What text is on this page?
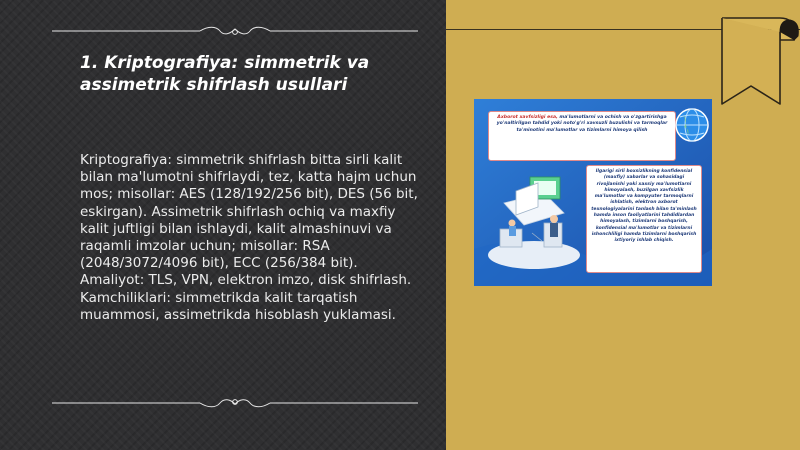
1. Kriptografiya: simmetrik va assimetrik shifrlash usullari
Kriptografiya: simmetrik shifrlash bitta sirli kalit bilan ma'lumotni shifrlaydi, tez, katta hajm uchun mos; misollar: AES (128/192/256 bit), DES (56 bit, eskirgan). Assimetrik shifrlash ochiq va maxfiy kalit juftligi bilan ishlaydi, kalit almashinuvi va raqamli imzolar uchun; misollar: RSA (2048/3072/4096 bit), ECC (256/384 bit). Amaliyot: TLS, VPN, elektron imzo, disk shifrlash. Kamchiliklari: simmetrikda kalit tarqatish muammosi, assimetrikda hisoblash yuklamasi.
Axborot xavfsizligi esa, ma'lumotlarni va ochish va o'zgartirishga yo'naltirilgan tahdid yoki noto'g'ri xavsuzli buzulishi va tarmoqlar ta'minotini ma'lumotlar va tizimlarni himoya qilish
Ilgarigi sirli boxsizlikning konfidensial (maxfiy) xabarlar va sohasidagi rivojlanishi yoki xaxsiy ma'lumotlarni himoyalash, buzilgan xavfsizlik ma'lumotlar va kompyuter tarmoqlarni ishlatish, elektron axborot texnologiyalarini tanlash bilan ta'minlash hamda inson faoliyatlarini tahdidlardan himoyalash, tizimlarni boshqarish, konfidensial ma'lumotlar va tizimlarni ishonchliligi hamda tizimlarni boshqarish ixtiyoriy ishlab chiqish.
